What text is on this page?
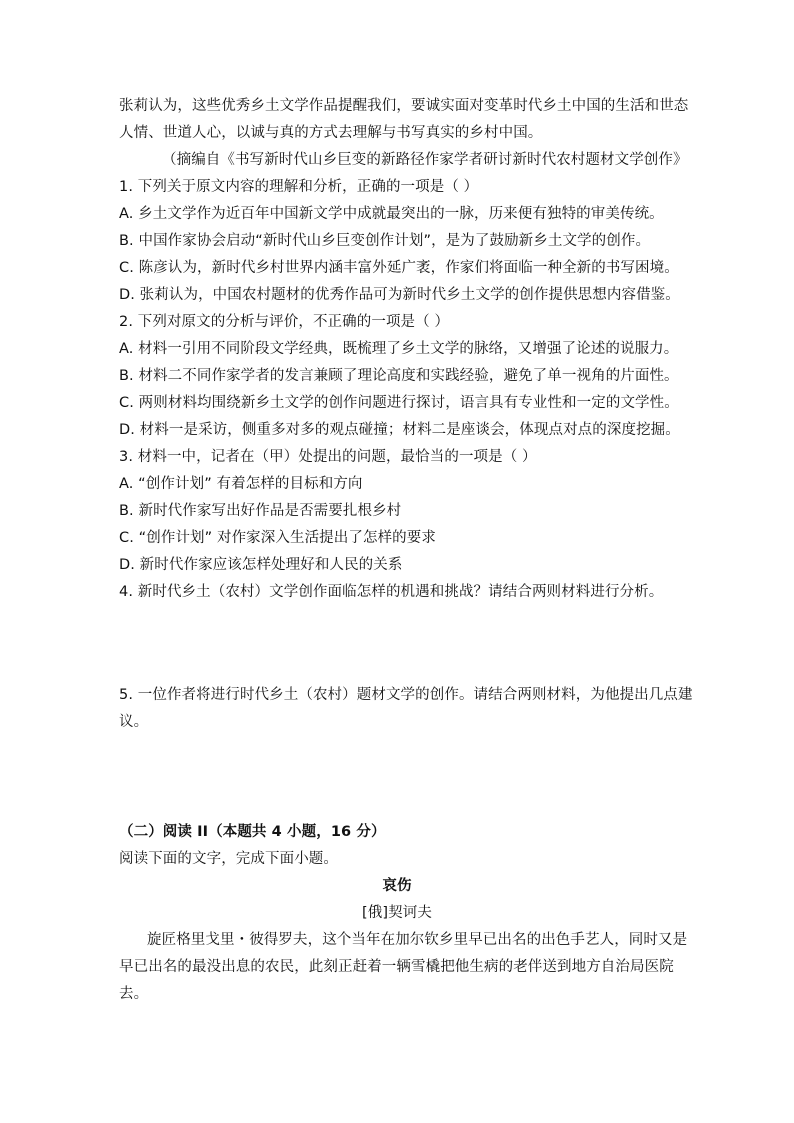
张莉认为，这些优秀乡土文学作品提醒我们，要诚实面对变革时代乡土中国的生活和世态
人情、世道人心，以诚与真的方式去理解与书写真实的乡村中国。
（摘编自《书写新时代山乡巨变的新路径作家学者研讨新时代农村题材文学创作》
1. 下列关于原文内容的理解和分析，正确的一项是（ ）
A. 乡土文学作为近百年中国新文学中成就最突出的一脉，历来便有独特的审美传统。
B. 中国作家协会启动“新时代山乡巨变创作计划”，是为了鼓励新乡土文学的创作。
C. 陈彦认为，新时代乡村世界内涵丰富外延广袤，作家们将面临一种全新的书写困境。
D. 张莉认为，中国农村题材的优秀作品可为新时代乡土文学的创作提供思想内容借鉴。
2. 下列对原文的分析与评价，不正确的一项是（ ）
A. 材料一引用不同阶段文学经典，既梳理了乡土文学的脉络，又增强了论述的说服力。
B. 材料二不同作家学者的发言兼顾了理论高度和实践经验，避免了单一视角的片面性。
C. 两则材料均围绕新乡土文学的创作问题进行探讨，语言具有专业性和一定的文学性。
D. 材料一是采访，侧重多对多的观点碰撞；材料二是座谈会，体现点对点的深度挖掘。
3. 材料一中，记者在（甲）处提出的问题，最恰当的一项是（ ）
A. “创作计划” 有着怎样的目标和方向
B. 新时代作家写出好作品是否需要扎根乡村
C. “创作计划” 对作家深入生活提出了怎样的要求
D. 新时代作家应该怎样处理好和人民的关系
4. 新时代乡土（农村）文学创作面临怎样的机遇和挑战？请结合两则材料进行分析。
5. 一位作者将进行时代乡土（农村）题材文学的创作。请结合两则材料，为他提出几点建
议。
（二）阅读 II（本题共 4 小题，16 分）
阅读下面的文字，完成下面小题。
哀伤
[俄]契诃夫
旋匠格里戈里・彼得罗夫，这个当年在加尔钦乡里早已出名的出色手艺人，同时又是
早已出名的最没出息的农民，此刻正赶着一辆雪橇把他生病的老伴送到地方自治局医院
去。
